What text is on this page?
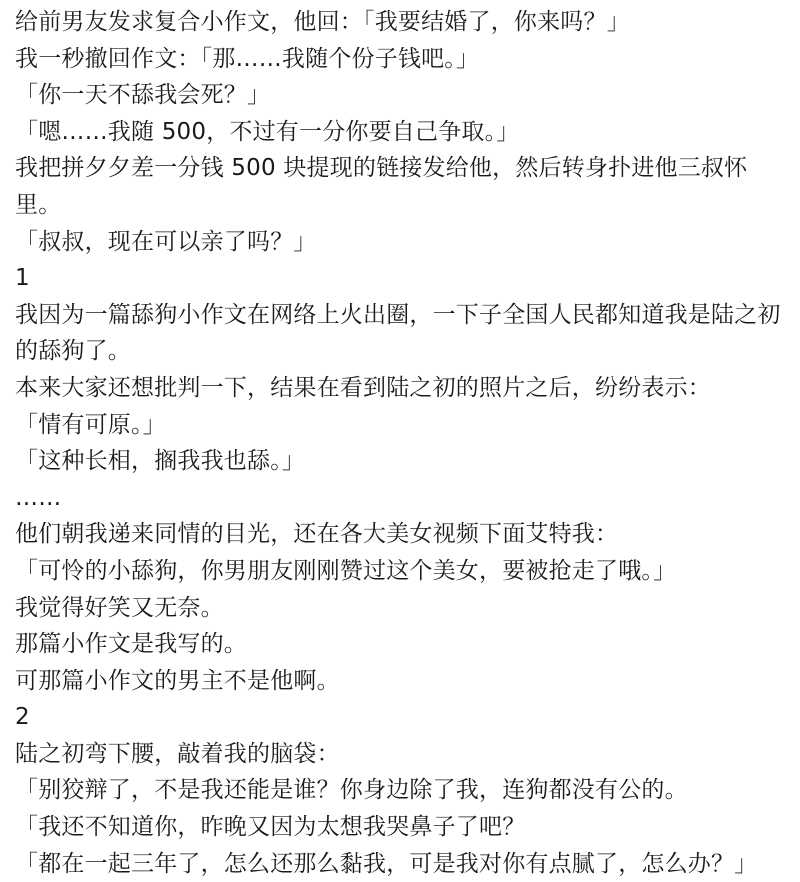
给前男友发求复合小作文，他回：「我要结婚了，你来吗？」
我一秒撤回作文：「那……我随个份子钱吧。」
「你一天不舔我会死？」
「嗯……我随 500，不过有一分你要自己争取。」
我把拼夕夕差一分钱 500 块提现的链接发给他，然后转身扑进他三叔怀里。
「叔叔，现在可以亲了吗？」
1
我因为一篇舔狗小作文在网络上火出圈，一下子全国人民都知道我是陆之初的舔狗了。
本来大家还想批判一下，结果在看到陆之初的照片之后，纷纷表示：
「情有可原。」
「这种长相，搁我我也舔。」
……
他们朝我递来同情的目光，还在各大美女视频下面艾特我：
「可怜的小舔狗，你男朋友刚刚赞过这个美女，要被抢走了哦。」
我觉得好笑又无奈。
那篇小作文是我写的。
可那篇小作文的男主不是他啊。
2
陆之初弯下腰，敲着我的脑袋：
「别狡辩了，不是我还能是谁？你身边除了我，连狗都没有公的。
「我还不知道你，昨晚又因为太想我哭鼻子了吧？
「都在一起三年了，怎么还那么黏我，可是我对你有点腻了，怎么办？」
